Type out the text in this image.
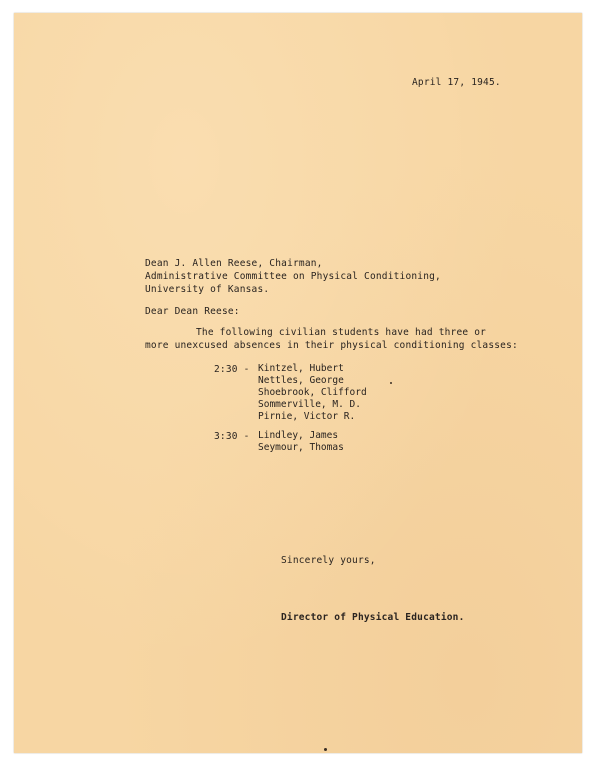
April 17, 1945.
Dean J. Allen Reese, Chairman,
Administrative Committee on Physical Conditioning,
University of Kansas.
Dear Dean Reese:
The following civilian students have had three or
more unexcused absences in their physical conditioning classes:
2:30 - Kintzel, Hubert
Nettles, George
Shoebrook, Clifford
Sommerville, M. D.
Pirnie, Victor R.
3:30 - Lindley, James
Seymour, Thomas
Sincerely yours,
Director of Physical Education.
